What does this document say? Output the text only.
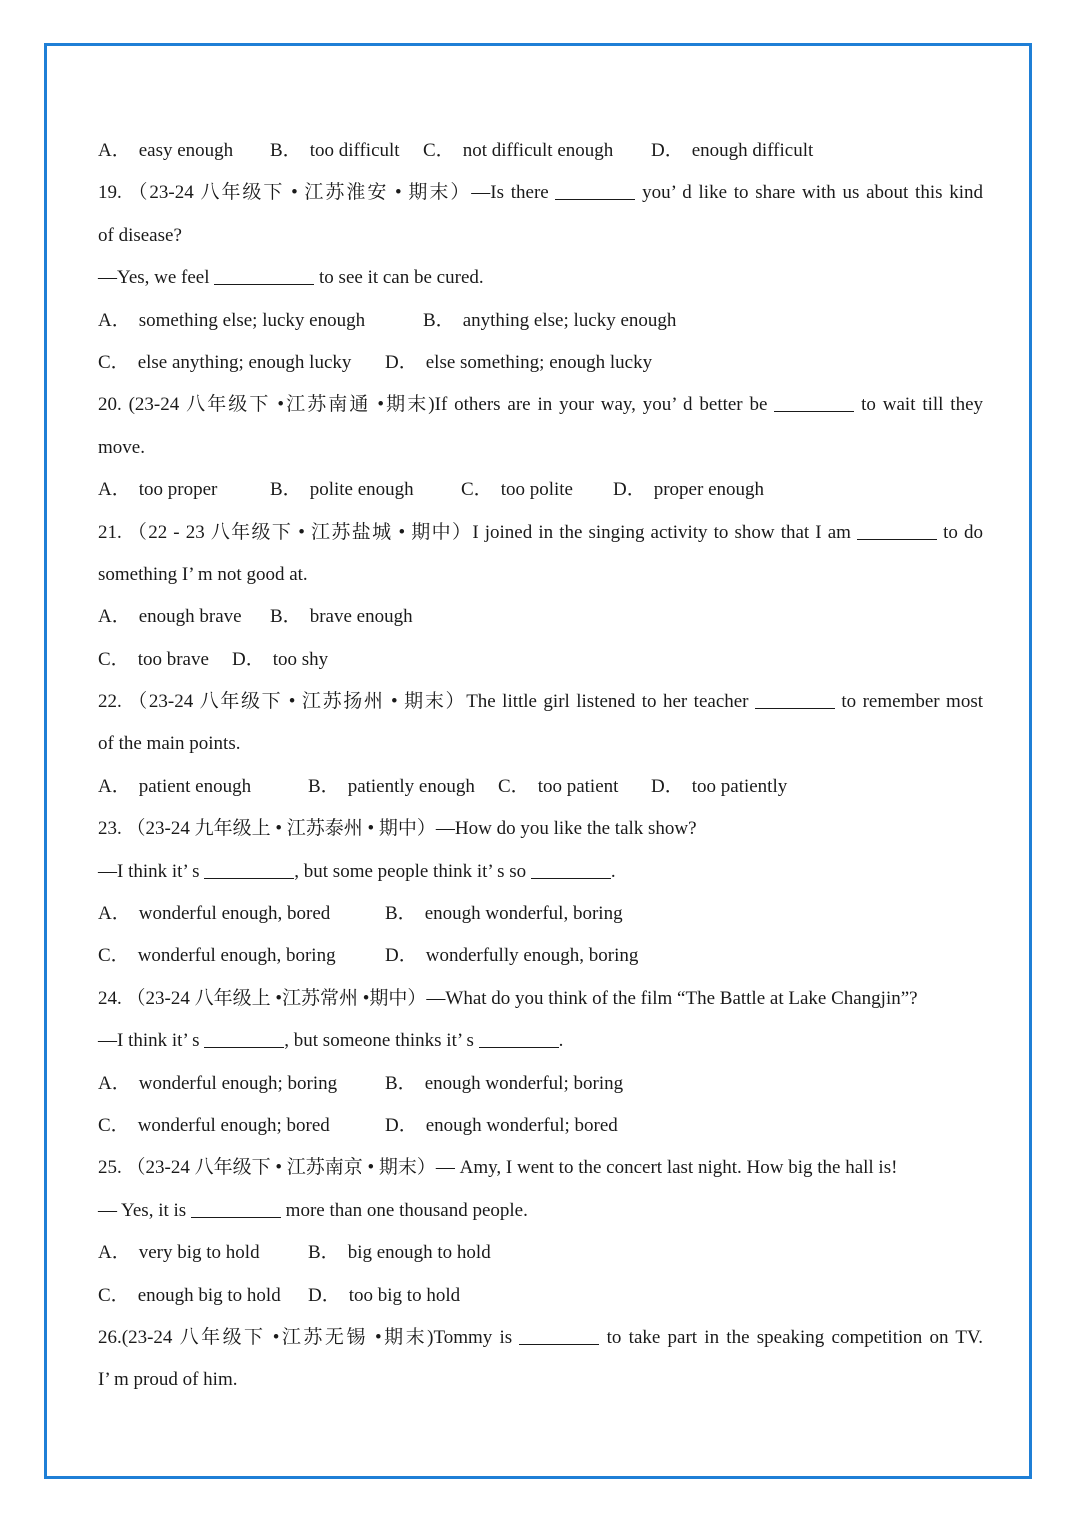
A． easy enough B． too difficult C． not difficult enough D． enough difficult
19. （23-24 八年级下 • 江苏淮安 • 期末）—Is there	you’ d like to share with us about this kind
of disease?
—Yes, we feel	to see it can be cured.
A． something else; lucky enough	B． anything else; lucky enough
C． else anything; enough lucky D． else something; enough lucky
20. (23-24 八年级下 •江苏南通 •期末)If others are in your way, you’ d better be	to wait till they
move.
A． too proper	B． polite enough C． too polite D． proper enough
21. （22 - 23 八年级下 • 江苏盐城 • 期中）I joined in the singing activity to show that I am	to do
something I’ m not good at.
A． enough brave B． brave enough
C． too brave D． too shy
22. （23-24 八年级下 • 江苏扬州 • 期末）The little girl listened to her teacher	to remember most
of the main points.
A． patient enough	B． patiently enough C． too patient D． too patiently
23. （23-24 九年级上 • 江苏泰州 • 期中）—How do you like the talk show?
—I think it’ s	, but some people think it’ s so	.
A． wonderful enough, bored	B． enough wonderful, boring
C． wonderful enough, boring	D． wonderfully enough, boring
24. （23-24 八年级上 •江苏常州 •期中）—What do you think of the film “The Battle at Lake Changjin”?
—I think it’ s	, but someone thinks it’ s	.
A． wonderful enough; boring	B． enough wonderful; boring
C． wonderful enough; bored	D． enough wonderful; bored
25. （23-24 八年级下 • 江苏南京 • 期末）— Amy, I went to the concert last night. How big the hall is!
— Yes, it is	more than one thousand people.
A． very big to hold	B． big enough to hold
C． enough big to hold D． too big to hold
26.(23-24 八年级下 •江苏无锡 •期末)Tommy is	to take part in the speaking competition on TV.
I’ m proud of him.
